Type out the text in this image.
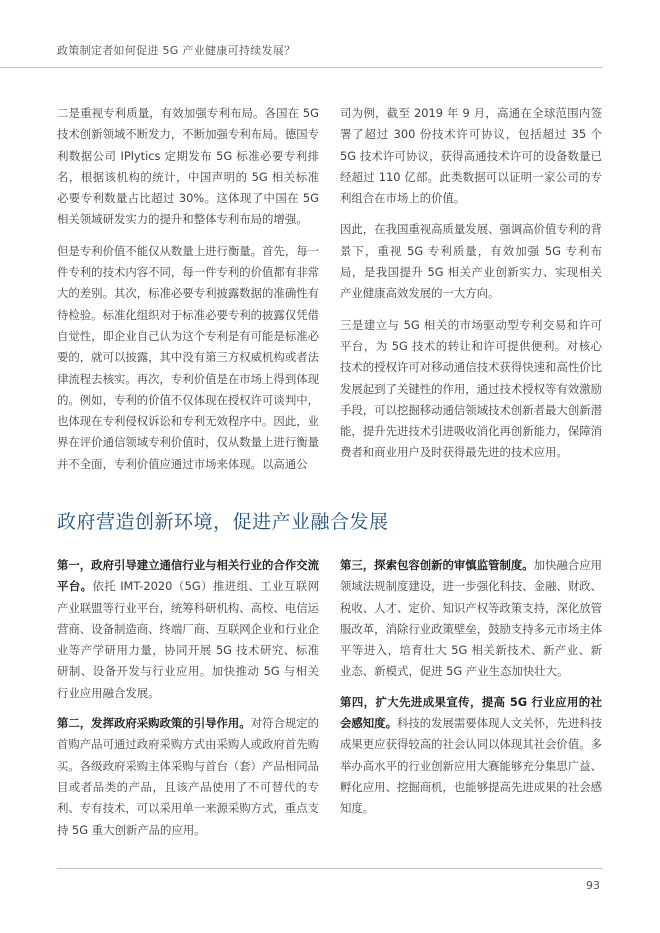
政策制定者如何促进 5G 产业健康可持续发展？

二是重视专利质量，有效加强专利布局。各国在 5G 技术创新领域不断发力，不断加强专利布局。德国专利数据公司 IPlytics 定期发布 5G 标准必要专利排名，根据该机构的统计，中国声明的 5G 相关标准必要专利数量占比超过 30%。这体现了中国在 5G 相关领域研发实力的提升和整体专利布局的增强。

但是专利价值不能仅从数量上进行衡量。首先，每一件专利的技术内容不同，每一件专利的价值都有非常大的差别。其次，标准必要专利披露数据的准确性有待检验。标准化组织对于标准必要专利的披露仅凭借自觉性，即企业自己认为这个专利是有可能是标准必要的，就可以披露，其中没有第三方权威机构或者法律流程去核实。再次，专利价值是在市场上得到体现的。例如，专利的价值不仅体现在授权许可谈判中，也体现在专利侵权诉讼和专利无效程序中。因此，业界在评价通信领域专利价值时，仅从数量上进行衡量并不全面，专利价值应通过市场来体现。以高通公

司为例，截至 2019 年 9 月，高通在全球范围内签署了超过 300 份技术许可协议，包括超过 35 个 5G 技术许可协议，获得高通技术许可的设备数量已经超过 110 亿部。此类数据可以证明一家公司的专利组合在市场上的价值。

因此，在我国重视高质量发展、强调高价值专利的背景下，重视 5G 专利质量，有效加强 5G 专利布局，是我国提升 5G 相关产业创新实力、实现相关产业健康高效发展的一大方向。

三是建立与 5G 相关的市场驱动型专利交易和许可平台，为 5G 技术的转让和许可提供便利。对核心技术的授权许可对移动通信技术获得快速和高性价比发展起到了关键性的作用，通过技术授权等有效激励手段，可以挖掘移动通信领域技术创新者最大创新潜能，提升先进技术引进吸收消化再创新能力，保障消费者和商业用户及时获得最先进的技术应用。

政府营造创新环境，促进产业融合发展

第一，政府引导建立通信行业与相关行业的合作交流平台。依托 IMT-2020（5G）推进组、工业互联网产业联盟等行业平台，统筹科研机构、高校、电信运营商、设备制造商、终端厂商、互联网企业和行业企业等产学研用力量，协同开展 5G 技术研究、标准研制、设备开发与行业应用。加快推动 5G 与相关行业应用融合发展。

第二，发挥政府采购政策的引导作用。对符合规定的首购产品可通过政府采购方式由采购人或政府首先购买。各级政府采购主体采购与首台（套）产品相同品目或者品类的产品，且该产品使用了不可替代的专利、专有技术，可以采用单一来源采购方式，重点支持 5G 重大创新产品的应用。

第三，探索包容创新的审慎监管制度。加快融合应用领域法规制度建设，进一步强化科技、金融、财政、税收、人才、定价、知识产权等政策支持，深化放管服改革，消除行业政策壁垒，鼓励支持多元市场主体平等进入，培育壮大 5G 相关新技术、新产业、新业态、新模式，促进 5G 产业生态加快壮大。

第四，扩大先进成果宣传，提高 5G 行业应用的社会感知度。科技的发展需要体现人文关怀，先进科技成果更应获得较高的社会认同以体现其社会价值。多举办高水平的行业创新应用大赛能够充分集思广益、孵化应用、挖掘商机，也能够提高先进成果的社会感知度。

93
